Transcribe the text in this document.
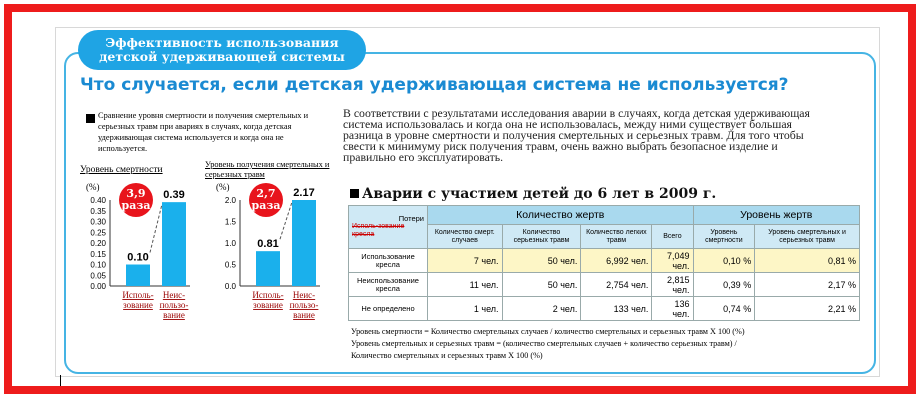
Эффективность использования детской удерживающей системы
Что случается, если детская удерживающая система не используется?
Сравнение уровня смертности и получения смертельных и серьезных травм при авариях в случаях, когда детская удерживающая система используется и когда она не используется.
Уровень смертности
(%)
0.00
0.05
0.10
0.15
0.20
0.25
0.30
0.35
0.40
0.10
0.39
Исполь-зование
Неис-пользо-вание
3,9 раза
Уровень получения смертельных и серьезных травм
(%)
0.0
0.5
1.0
1.5
2.0
0.81
2.17
Исполь-зование
Неис-пользо-вание
2,7 раза
В соответствии с результатами исследования аварии в случаях, когда детская удерживающая система использовалась и когда она не использовалась, между ними существует большая разница в уровне смертности и получения смертельных и серьезных травм. Для того чтобы свести к минимуму риск получения травм, очень важно выбрать безопасное изделие и правильно его эксплуатировать.
Аварии с участием детей до 6 лет в 2009 г.
Потери
Исполь-зование кресла	Количество жертв				Уровень жертв	
	Количество смерт. случаев	Количество серьезных травм	Количество легких травм	Всего	Уровень смертности	Уровень смертельных и серьезных травм
Использование кресла	7 чел.	50 чел.	6,992 чел.	7,049 чел.	0,10 %	0,81 %
Неиспользование кресла	11 чел.	50 чел.	2,754 чел.	2,815 чел.	0,39 %	2,17 %
Не определено	1 чел.	2 чел.	133 чел.	136 чел.	0,74 %	2,21 %
Уровень смертности = Количество смертельных случаев / количество смертельных и серьезных травм X 100 (%)
Уровень смертельных и серьезных травм = (количество смертельных случаев + количество серьезных травм) /
Количество смертельных и серьезных травм X 100 (%)
